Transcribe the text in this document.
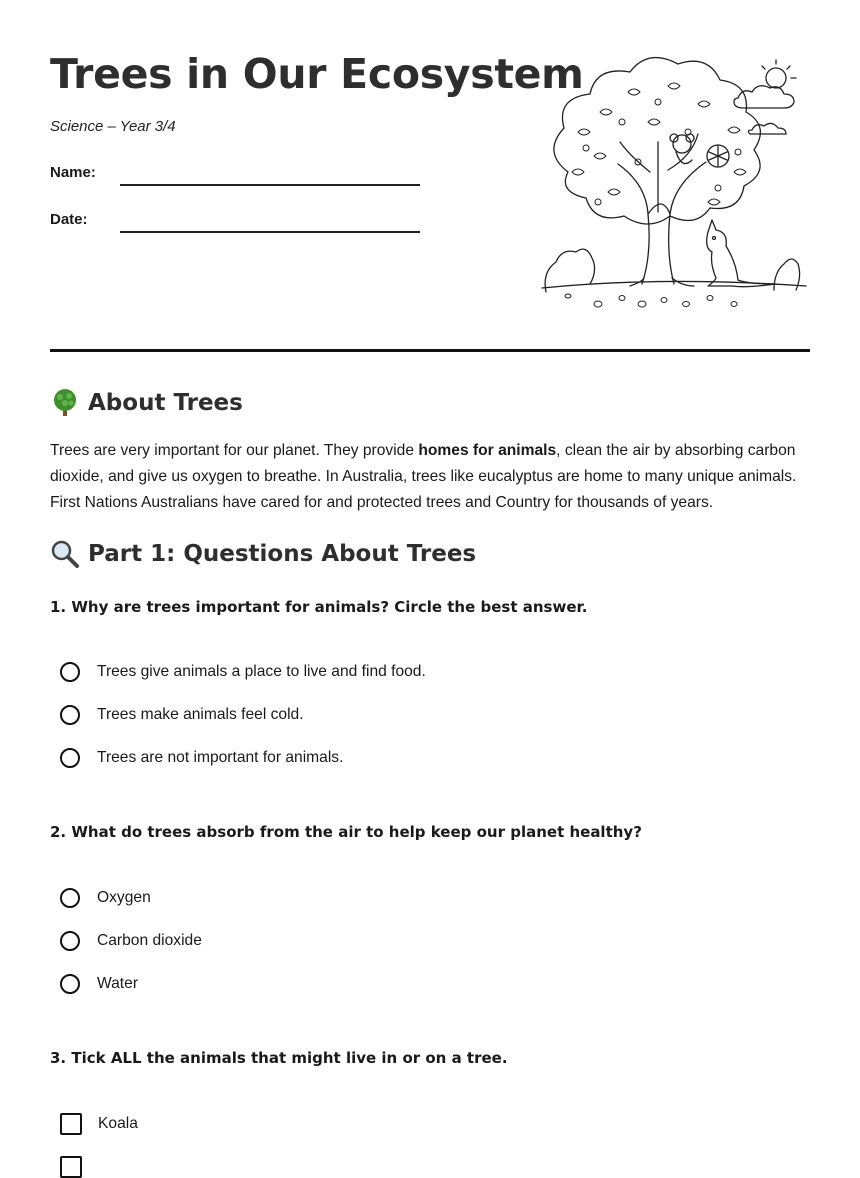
Trees in Our Ecosystem
Science – Year 3/4
Name:
Date:
About Trees

Trees are very important for our planet. They provide homes for animals, clean the air by absorbing carbon dioxide, and give us oxygen to breathe. In Australia, trees like eucalyptus are home to many unique animals. First Nations Australians have cared for and protected trees and Country for thousands of years.

Part 1: Questions About Trees

1. Why are trees important for animals? Circle the best answer.

Trees give animals a place to live and find food.
Trees make animals feel cold.
Trees are not important for animals.

2. What do trees absorb from the air to help keep our planet healthy?

Oxygen
Carbon dioxide
Water

3. Tick ALL the animals that might live in or on a tree.

Koala
